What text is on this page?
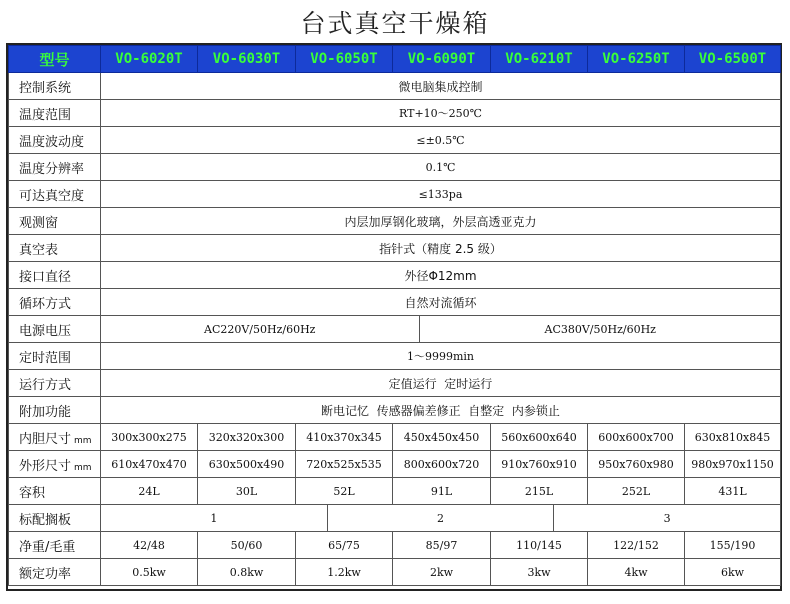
台式真空干燥箱
型号	VO-6020T	VO-6030T	VO-6050T	VO-6090T	VO-6210T	VO-6250T	VO-6500T
控制系统	微电脑集成控制
温度范围	RT+10～250℃
温度波动度	≤±0.5℃
温度分辨率	0.1℃
可达真空度	≤133pa
观测窗	内层加厚钢化玻璃，外层高透亚克力
真空表	指针式（精度 2.5 级）
接口直径	外径Φ12mm
循环方式	自然对流循环
电源电压		AC220V/50Hz/60Hz	AC380V/50Hz/60Hz

定时范围	1～9999min
运行方式	定值运行  定时运行
附加功能	断电记忆  传感器偏差修正  自整定  内参锁止
内胆尺寸 mm	300x300x275	320x320x300	410x370x345	450x450x450	560x600x640	600x600x700	630x810x845
外形尺寸 mm	610x470x470	630x500x490	720x525x535	800x600x720	910x760x910	950x760x980	980x970x1150
容积	24L	30L	52L	91L	215L	252L	431L
标配搁板		1	2	3

净重/毛重	42/48	50/60	65/75	85/97	110/145	122/152	155/190
额定功率	0.5kw	0.8kw	1.2kw	2kw	3kw	4kw	6kw
